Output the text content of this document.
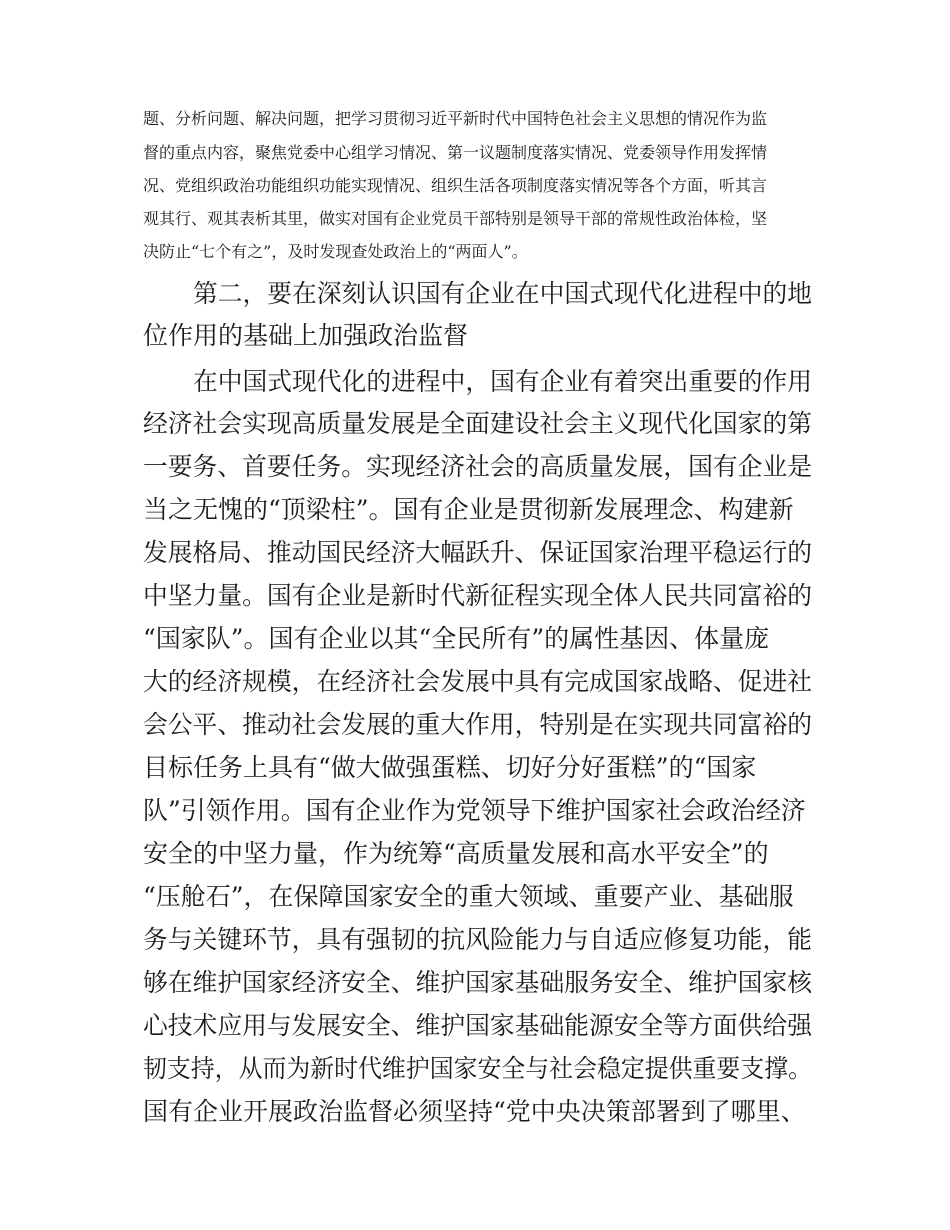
题、分析问题、解决问题，把学习贯彻习近平新时代中国特色社会主义思想的情况作为监
督的重点内容，聚焦党委中心组学习情况、第一议题制度落实情况、党委领导作用发挥情
况、党组织政治功能组织功能实现情况、组织生活各项制度落实情况等各个方面，听其言
观其行、观其表析其里，做实对国有企业党员干部特别是领导干部的常规性政治体检，坚
决防止“七个有之”，及时发现查处政治上的“两面人”。
第二，要在深刻认识国有企业在中国式现代化进程中的地
位作用的基础上加强政治监督
在中国式现代化的进程中，国有企业有着突出重要的作用
经济社会实现高质量发展是全面建设社会主义现代化国家的第
一要务、首要任务。实现经济社会的高质量发展，国有企业是
当之无愧的“顶梁柱”。国有企业是贯彻新发展理念、构建新
发展格局、推动国民经济大幅跃升、保证国家治理平稳运行的
中坚力量。国有企业是新时代新征程实现全体人民共同富裕的
“国家队”。国有企业以其“全民所有”的属性基因、体量庞
大的经济规模，在经济社会发展中具有完成国家战略、促进社
会公平、推动社会发展的重大作用，特别是在实现共同富裕的
目标任务上具有“做大做强蛋糕、切好分好蛋糕”的“国家
队”引领作用。国有企业作为党领导下维护国家社会政治经济
安全的中坚力量，作为统筹“高质量发展和高水平安全”的
“压舱石”，在保障国家安全的重大领域、重要产业、基础服
务与关键环节，具有强韧的抗风险能力与自适应修复功能，能
够在维护国家经济安全、维护国家基础服务安全、维护国家核
心技术应用与发展安全、维护国家基础能源安全等方面供给强
韧支持，从而为新时代维护国家安全与社会稳定提供重要支撑。
国有企业开展政治监督必须坚持“党中央决策部署到了哪里、
